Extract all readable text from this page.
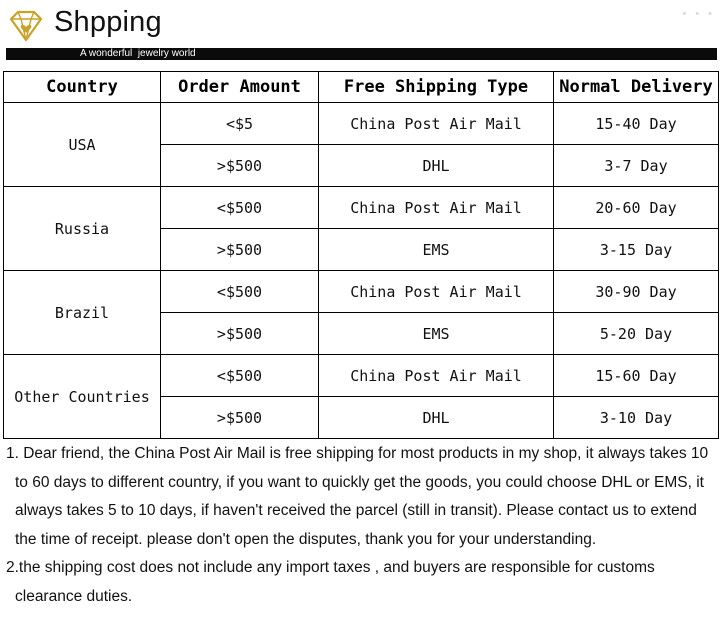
Shpping	• • •
A wonderful  jewelry world
Country	Order Amount	Free Shipping Type	Normal Delivery
USA	<$5	China Post Air Mail	15-40 Day
	>$500	DHL	3-7 Day
Russia	<$500	China Post Air Mail	20-60 Day
	>$500	EMS	3-15 Day
Brazil	<$500	China Post Air Mail	30-90 Day
	>$500	EMS	5-20 Day
Other Countries	<$500	China Post Air Mail	15-60 Day
	>$500	DHL	3-10 Day

1. Dear friend, the China Post Air Mail is free shipping for most products in my shop, it always takes 10 to 60 days to different country, if you want to quickly get the goods, you could choose DHL or EMS, it always takes 5 to 10 days, if haven't received the parcel (still in transit). Please contact us to extend the time of receipt. please don't open the disputes, thank you for your understanding.

2.the shipping cost does not include any import taxes , and buyers are responsible for customs clearance duties.
